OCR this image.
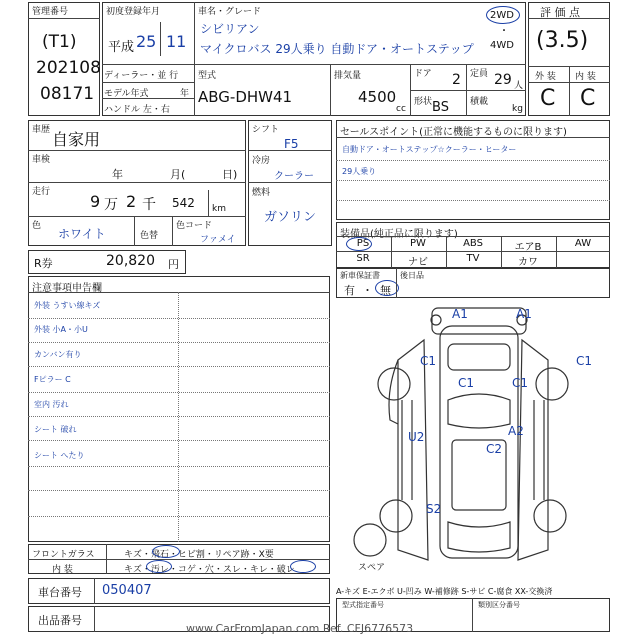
管理番号
(T1)
202108
08171
初度登録年月
平成 25 11
車名・グレード
シビリアン
マイクロバス 29人乗り 自動ドア・オートステップ
2WD
・
4WD
ディーラー・並 行
モデル年式	年
ハンドル 左・右
型式
ABG-DHW41
排気量
4500
cc
ドア 2 定員 29 人
形状 BS 積載
kg
評 価 点
(3.5)
外 装 内 装
C C
車歴 自家用
車検
年	月(	日)
走行 9 万 2 千 542 km
色
ホワイト	色替
色コード
ファメイ
シフト
F5
冷房
クーラー
燃料
ガソリン
R券	20,820 円
セールスポイント(正常に機能するものに限ります)
自動ドア・オートステップ☆クーラー・ヒーター
29人乗り
装備品(純正品に限ります)
PS	PW	ABS	エアB	AW
SR	ナビ	TV	カワ
新車保証書
有 ・ 無
後日品
注意事項申告欄
外装 うすい線キズ
外装 小A・小U
カンバン有り
Fピラー C
室内 汚れ
シート 破れ
シート へたり
A1	A1
C1
C1	C1
C1
U2	A2
C2
S2
スペア
フロントガラス	キズ・飛石・ヒビ割・リペア跡・X要
内 装	キズ・汚レ・コゲ・穴・スレ・キレ・破レ
車台番号 050407
出品番号
A-キズ E-エクボ U-凹み W-補修跡 S-サビ C-腐食 XX-交換済
型式指定番号	類別区分番号
www.CarFromJapan.com Ref. CFJ6776573
